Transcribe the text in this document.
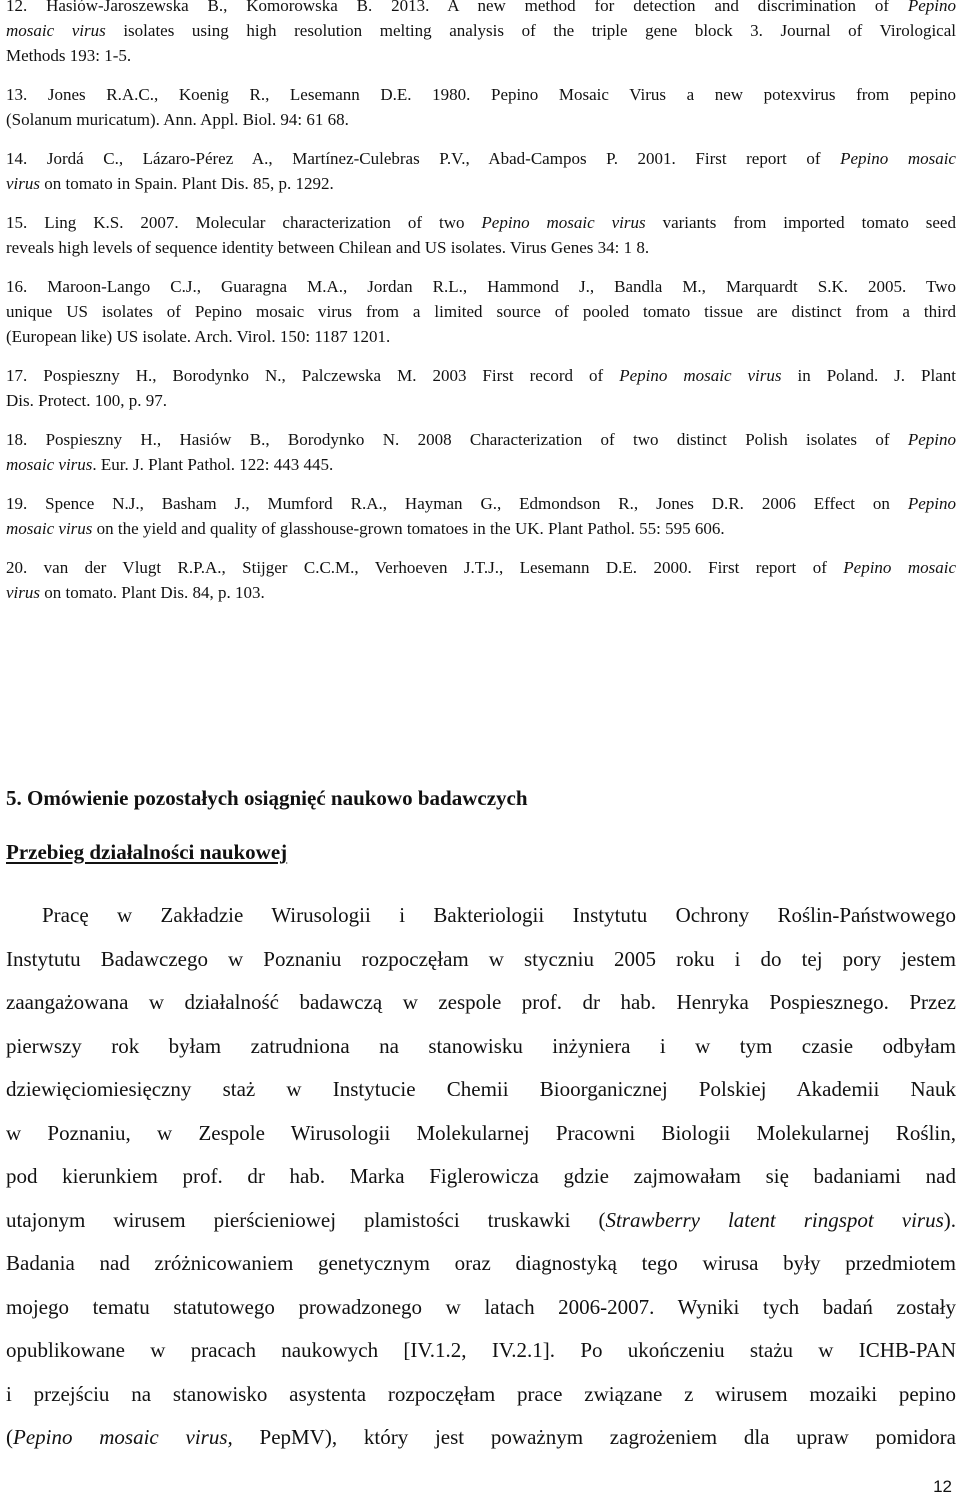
12. Hasiów-Jaroszewska B., Komorowska B. 2013. A new method for detection and discrimination of Pepino
mosaic virus isolates using high resolution melting analysis of the triple gene block 3. Journal of Virological
Methods 193: 1-5.
13. Jones R.A.C., Koenig R., Lesemann D.E. 1980. Pepino Mosaic Virus a new potexvirus from pepino
(Solanum muricatum). Ann. Appl. Biol. 94: 61 68.
14. Jordá C., Lázaro-Pérez A., Martínez-Culebras P.V., Abad-Campos P. 2001. First report of Pepino mosaic
virus on tomato in Spain. Plant Dis. 85, p. 1292.
15. Ling K.S. 2007. Molecular characterization of two Pepino mosaic virus variants from imported tomato seed
reveals high levels of sequence identity between Chilean and US isolates. Virus Genes 34: 1 8.
16. Maroon-Lango C.J., Guaragna M.A., Jordan R.L., Hammond J., Bandla M., Marquardt S.K. 2005. Two
unique US isolates of Pepino mosaic virus from a limited source of pooled tomato tissue are distinct from a third
(European like) US isolate. Arch. Virol. 150: 1187 1201.
17. Pospieszny H., Borodynko N., Palczewska M. 2003 First record of Pepino mosaic virus in Poland. J. Plant
Dis. Protect. 100, p. 97.
18. Pospieszny H., Hasiów B., Borodynko N. 2008 Characterization of two distinct Polish isolates of Pepino
mosaic virus. Eur. J. Plant Pathol. 122: 443 445.
19. Spence N.J., Basham J., Mumford R.A., Hayman G., Edmondson R., Jones D.R. 2006 Effect on Pepino
mosaic virus on the yield and quality of glasshouse-grown tomatoes in the UK. Plant Pathol. 55: 595 606.
20. van der Vlugt R.P.A., Stijger C.C.M., Verhoeven J.T.J., Lesemann D.E. 2000. First report of Pepino mosaic
virus on tomato. Plant Dis. 84, p. 103.
5. Omówienie pozostałych osiągnięć naukowo badawczych
Przebieg działalności naukowej
Pracę w Zakładzie Wirusologii i Bakteriologii Instytutu Ochrony Roślin-Państwowego
Instytutu Badawczego w Poznaniu rozpoczęłam w styczniu 2005 roku i do tej pory jestem
zaangażowana w działalność badawczą w zespole prof. dr hab. Henryka Pospiesznego. Przez
pierwszy rok byłam zatrudniona na stanowisku inżyniera i w tym czasie odbyłam
dziewięciomiesięczny staż w Instytucie Chemii Bioorganicznej Polskiej Akademii Nauk
w Poznaniu, w Zespole Wirusologii Molekularnej Pracowni Biologii Molekularnej Roślin,
pod kierunkiem prof. dr hab. Marka Figlerowicza gdzie zajmowałam się badaniami nad
utajonym wirusem pierścieniowej plamistości truskawki (Strawberry latent ringspot virus).
Badania nad zróżnicowaniem genetycznym oraz diagnostyką tego wirusa były przedmiotem
mojego tematu statutowego prowadzonego w latach 2006-2007. Wyniki tych badań zostały
opublikowane w pracach naukowych [IV.1.2, IV.2.1]. Po ukończeniu stażu w ICHB-PAN
i przejściu na stanowisko asystenta rozpoczęłam prace związane z wirusem mozaiki pepino
(Pepino mosaic virus, PepMV), który jest poważnym zagrożeniem dla upraw pomidora
12
